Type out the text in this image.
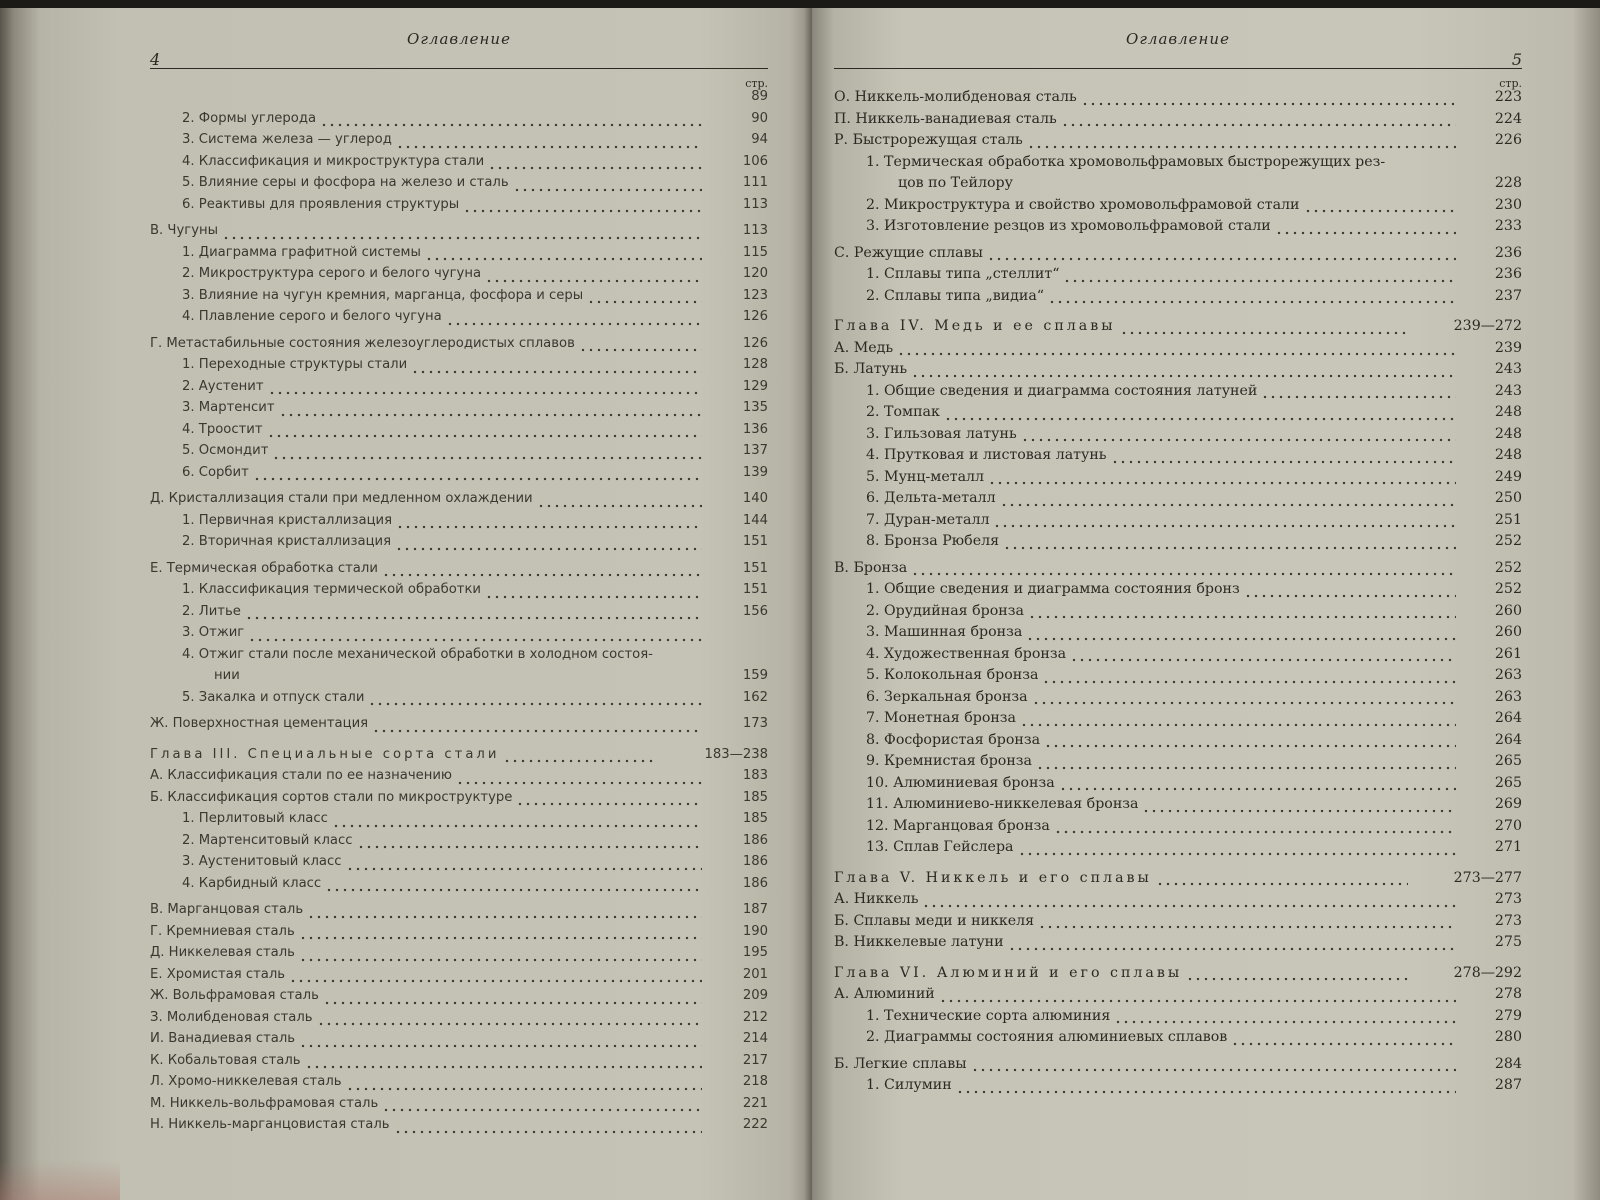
Оглавление
4
стр.
89
2. Формы углерода	90
3. Система железа — углерод	94
4. Классификация и микроструктура стали	106
5. Влияние серы и фосфора на железо и сталь	111
6. Реактивы для проявления структуры	113
В. Чугуны	113
1. Диаграмма графитной системы	115
2. Микроструктура серого и белого чугуна	120
3. Влияние на чугун кремния, марганца, фосфора и серы	123
4. Плавление серого и белого чугуна	126
Г. Метастабильные состояния железоуглеродистых сплавов	126
1. Переходные структуры стали	128
2. Аустенит	129
3. Мартенсит	135
4. Троостит	136
5. Осмондит	137
6. Сорбит	139
Д. Кристаллизация стали при медленном охлаждении	140
1. Первичная кристаллизация	144
2. Вторичная кристаллизация	151
Е. Термическая обработка стали	151
1. Классификация термической обработки	151
2. Литье	156
3. Отжиг
4. Отжиг стали после механической обработки в холодном состоя-
нии	159
5. Закалка и отпуск стали	162
Ж. Поверхностная цементация	173
Глава III. Специальные сорта стали	183—238
А. Классификация стали по ее назначению	183
Б. Классификация сортов стали по микроструктуре	185
1. Перлитовый класс	185
2. Мартенситовый класс	186
3. Аустенитовый класс	186
4. Карбидный класс	186
В. Марганцовая сталь	187
Г. Кремниевая сталь	190
Д. Никкелевая сталь	195
Е. Хромистая сталь	201
Ж. Вольфрамовая сталь	209
З. Молибденовая сталь	212
И. Ванадиевая сталь	214
К. Кобальтовая сталь	217
Л. Хромо-никкелевая сталь	218
М. Никкель-вольфрамовая сталь	221
Н. Никкель-марганцовистая сталь	222
Оглавление
5
стр.
О. Никкель-молибденовая сталь	223
П. Никкель-ванадиевая сталь	224
Р. Быстрорежущая сталь	226
1. Термическая обработка хромовольфрамовых быстрорежущих рез-
цов по Тейлору	228
2. Микроструктура и свойство хромовольфрамовой стали	230
3. Изготовление резцов из хромовольфрамовой стали	233
С. Режущие сплавы	236
1. Сплавы типа „стеллит“	236
2. Сплавы типа „видиа“	237
Глава IV. Медь и ее сплавы	239—272
А. Медь	239
Б. Латунь	243
1. Общие сведения и диаграмма состояния латуней	243
2. Томпак	248
3. Гильзовая латунь	248
4. Прутковая и листовая латунь	248
5. Мунц-металл	249
6. Дельта-металл	250
7. Дуран-металл	251
8. Бронза Рюбеля	252
В. Бронза	252
1. Общие сведения и диаграмма состояния бронз	252
2. Орудийная бронза	260
3. Машинная бронза	260
4. Художественная бронза	261
5. Колокольная бронза	263
6. Зеркальная бронза	263
7. Монетная бронза	264
8. Фосфористая бронза	264
9. Кремнистая бронза	265
10. Алюминиевая бронза	265
11. Алюминиево-никкелевая бронза	269
12. Марганцовая бронза	270
13. Сплав Гейслера	271
Глава V. Никкель и его сплавы	273—277
А. Никкель	273
Б. Сплавы меди и никкеля	273
В. Никкелевые латуни	275
Глава VI. Алюминий и его сплавы	278—292
А. Алюминий	278
1. Технические сорта алюминия	279
2. Диаграммы состояния алюминиевых сплавов	280
Б. Легкие сплавы	284
1. Силумин	287
